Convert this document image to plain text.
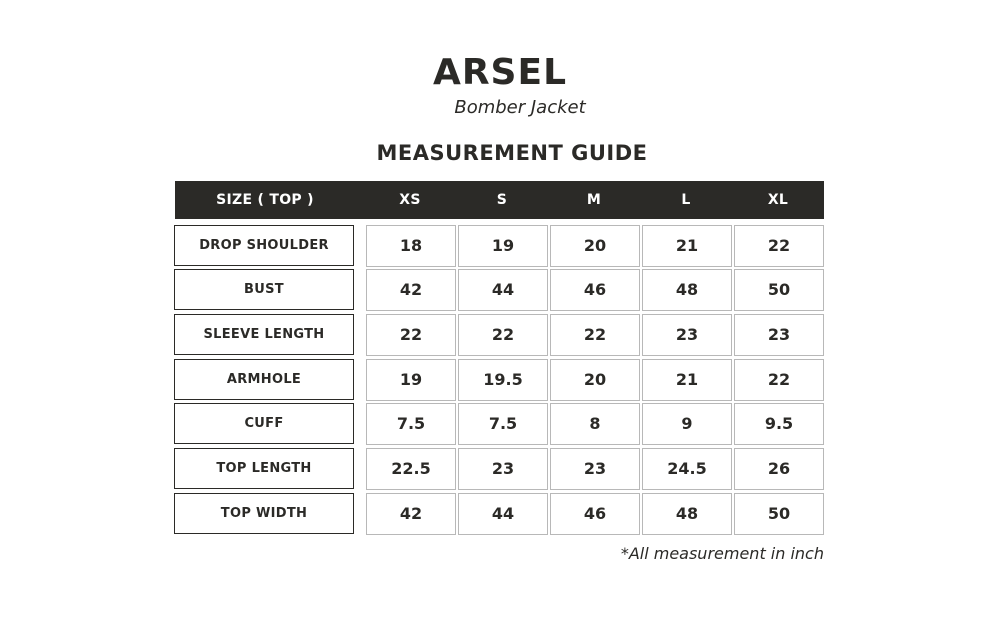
ARSEL
Bomber Jacket
MEASUREMENT GUIDE
SIZE ( TOP )	XS	S	M	L	XL
DROP SHOULDER	18	19	20	21	22
BUST	42	44	46	48	50
SLEEVE LENGTH	22	22	22	23	23
ARMHOLE	19	19.5	20	21	22
CUFF	7.5	7.5	8	9	9.5
TOP LENGTH	22.5	23	23	24.5	26
TOP WIDTH	42	44	46	48	50
*All measurement in inch
